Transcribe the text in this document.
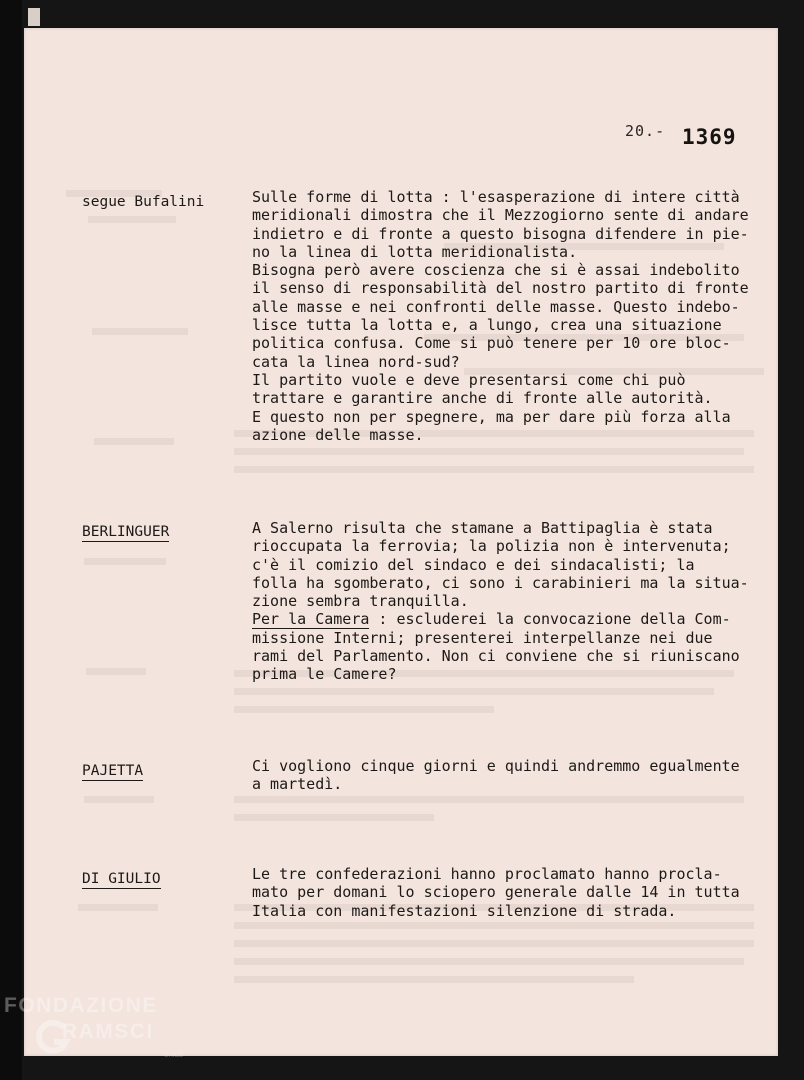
20.- 1369
segue Bufalini	Sulle forme di lotta : l'esasperazione di intere città
meridionali dimostra che il Mezzogiorno sente di andare
indietro e di fronte a questo bisogna difendere in pie-
no la linea di lotta meridionalista.
Bisogna però avere coscienza che si è assai indebolito
il senso di responsabilità del nostro partito di fronte
alle masse e nei confronti delle masse. Questo indebo-
lisce tutta la lotta e, a lungo, crea una situazione
politica confusa. Come si può tenere per 10 ore bloc-
cata la linea nord-sud?
Il partito vuole e deve presentarsi come chi può
trattare e garantire anche di fronte alle autorità.
E questo non per spegnere, ma per dare più forza alla
azione delle masse.
BERLINGUER	A Salerno risulta che stamane a Battipaglia è stata
rioccupata la ferrovia; la polizia non è intervenuta;
c'è il comizio del sindaco e dei sindacalisti; la
folla ha sgomberato, ci sono i carabinieri ma la situa-
zione sembra tranquilla.
Per la Camera : escluderei la convocazione della Com-
missione Interni; presenterei interpellanze nei due
rami del Parlamento. Non ci conviene che si riuniscano
prima le Camere?
PAJETTA	Ci vogliono cinque giorni e quindi andremmo egualmente
a martedì.
DI GIULIO	Le tre confederazioni hanno proclamato hanno procla-
mato per domani lo sciopero generale dalle 14 in tutta
Italia con manifestazioni silenzione di strada.
FONDAZIONE
RAMSCI
onlus
